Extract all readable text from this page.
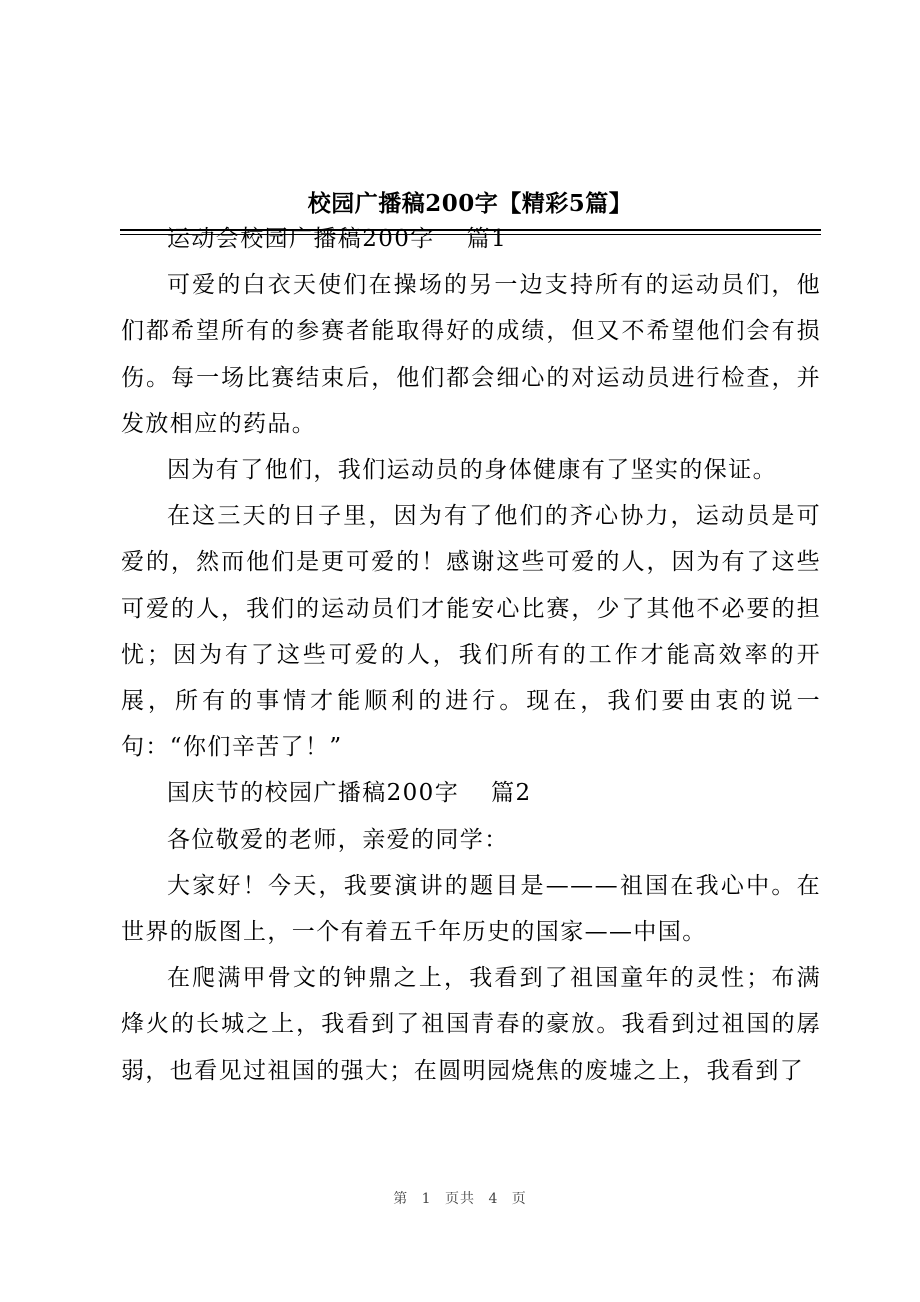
校园广播稿200字【精彩5篇】

运动会校园广播稿200字 篇1

可爱的白衣天使们在操场的另一边支持所有的运动员们，他们都希望所有的参赛者能取得好的成绩，但又不希望他们会有损伤。每一场比赛结束后，他们都会细心的对运动员进行检查，并发放相应的药品。

因为有了他们，我们运动员的身体健康有了坚实的保证。

在这三天的日子里，因为有了他们的齐心协力，运动员是可爱的，然而他们是更可爱的！感谢这些可爱的人，因为有了这些可爱的人，我们的运动员们才能安心比赛，少了其他不必要的担忧；因为有了这些可爱的人，我们所有的工作才能高效率的开展，所有的事情才能顺利的进行。现在，我们要由衷的说一句：“你们辛苦了！”

国庆节的校园广播稿200字 篇2

各位敬爱的老师，亲爱的同学：

大家好！今天，我要演讲的题目是———祖国在我心中。在世界的版图上，一个有着五千年历史的国家——中国。

在爬满甲骨文的钟鼎之上，我看到了祖国童年的灵性；布满烽火的长城之上，我看到了祖国青春的豪放。我看到过祖国的孱弱，也看见过祖国的强大；在圆明园烧焦的废墟之上，我看到了

第 1 页共 4 页
